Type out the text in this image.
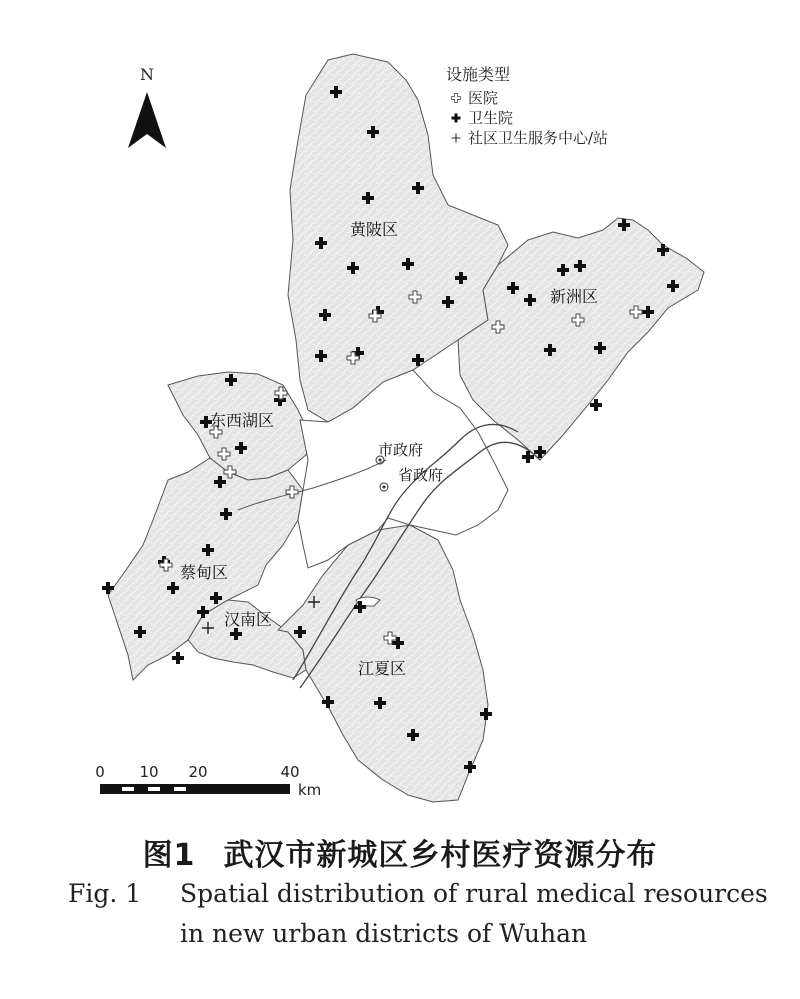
N	设施类型
医院
卫生院
社区卫生服务中心/站
黄陂区
新洲区
东西湖区
蔡甸区
汉南区
江夏区
市政府
省政府
0 10 20	40
km
图1 武汉市新城区乡村医疗资源分布
Fig. 1 Spatial distribution of rural medical resources
in new urban districts of Wuhan
